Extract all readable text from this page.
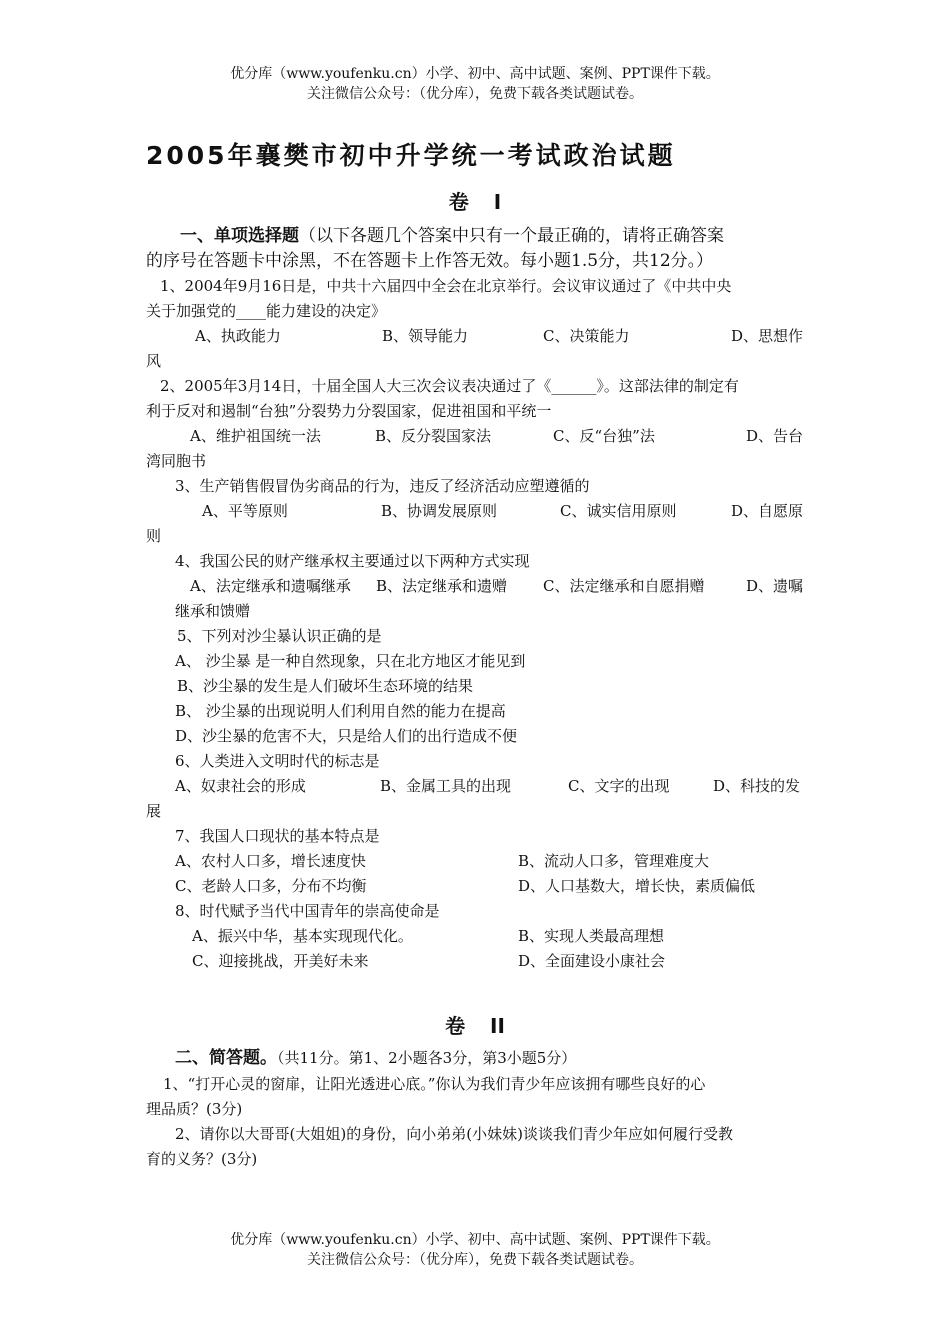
优分库（www.youfenku.cn）小学、初中、高中试题、案例、PPT课件下载。
关注微信公众号：（优分库），免费下载各类试题试卷。
2005年襄樊市初中升学统一考试政治试题
卷 I
一、单项选择题（以下各题几个答案中只有一个最正确的，请将正确答案
的序号在答题卡中涂黑，不在答题卡上作答无效。每小题1.5分，共12分。）
1、2004年9月16日是，中共十六届四中全会在北京举行。会议审议通过了《中共中央
关于加强党的____能力建设的决定》
A、执政能力	B、领导能力	C、决策能力	D、思想作
风
2、2005年3月14日，十届全国人大三次会议表决通过了《______》。这部法律的制定有
利于反对和遏制“台独”分裂势力分裂国家，促进祖国和平统一
A、维护祖国统一法	B、反分裂国家法	C、反“台独”法	D、告台
湾同胞书
3、生产销售假冒伪劣商品的行为，违反了经济活动应塑遵循的
A、平等原则	B、协调发展原则	C、诚实信用原则	D、自愿原
则
4、我国公民的财产继承权主要通过以下两种方式实现
A、法定继承和遗嘱继承 B、法定继承和遗赠 C、法定继承和自愿捐赠	D、遗嘱
继承和馈赠
5、下列对沙尘暴认识正确的是
A、 沙尘暴 是一种自然现象，只在北方地区才能见到
B、沙尘暴的发生是人们破坏生态环境的结果
B、 沙尘暴的出现说明人们利用自然的能力在提高
D、沙尘暴的危害不大，只是给人们的出行造成不便
6、人类进入文明时代的标志是
A、奴隶社会的形成	B、金属工具的出现	C、文字的出现	D、科技的发
展
7、我国人口现状的基本特点是
A、农村人口多，增长速度快	B、流动人口多，管理难度大
C、老龄人口多，分布不均衡	D、人口基数大，增长快，素质偏低
8、时代赋予当代中国青年的崇高使命是
A、振兴中华，基本实现现代化。	B、实现人类最高理想
C、迎接挑战，开美好未来	D、全面建设小康社会
卷 II
二、简答题。（共11分。第1、2小题各3分，第3小题5分）
1、“打开心灵的窗扉，让阳光透进心底。”你认为我们青少年应该拥有哪些良好的心
理品质？(3分)
2、请你以大哥哥(大姐姐)的身份，向小弟弟(小妹妹)谈谈我们青少年应如何履行受教
育的义务？(3分)
优分库（www.youfenku.cn）小学、初中、高中试题、案例、PPT课件下载。
关注微信公众号：（优分库），免费下载各类试题试卷。
